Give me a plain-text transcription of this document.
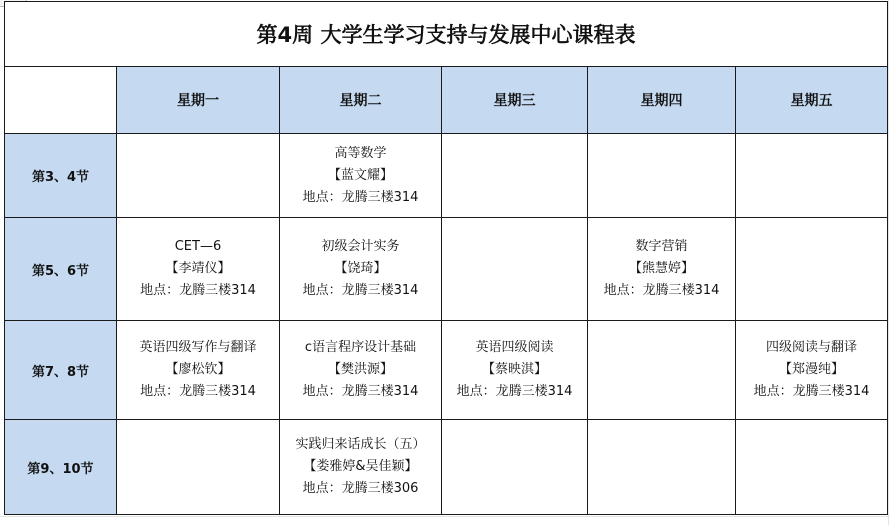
第4周 大学生学习支持与发展中心课程表					
	星期一	星期二	星期三	星期四	星期五
第3、4节		高等数学
【蓝文耀】
地点：龙腾三楼314			

第5、6节	CET—6
【李靖仪】
地点：龙腾三楼314	初级会计实务
【饶琦】
地点：龙腾三楼314		数字营销
【熊慧婷】
地点：龙腾三楼314	

第7、8节	英语四级写作与翻译
【廖松钦】
地点：龙腾三楼314	c语言程序设计基础
【樊洪源】
地点：龙腾三楼314	英语四级阅读
【蔡映淇】
地点：龙腾三楼314		四级阅读与翻译
【郑漫纯】
地点：龙腾三楼314

第9、10节		实践归来话成长（五）
【娄雅婷&吴佳颖】
地点：龙腾三楼306			
